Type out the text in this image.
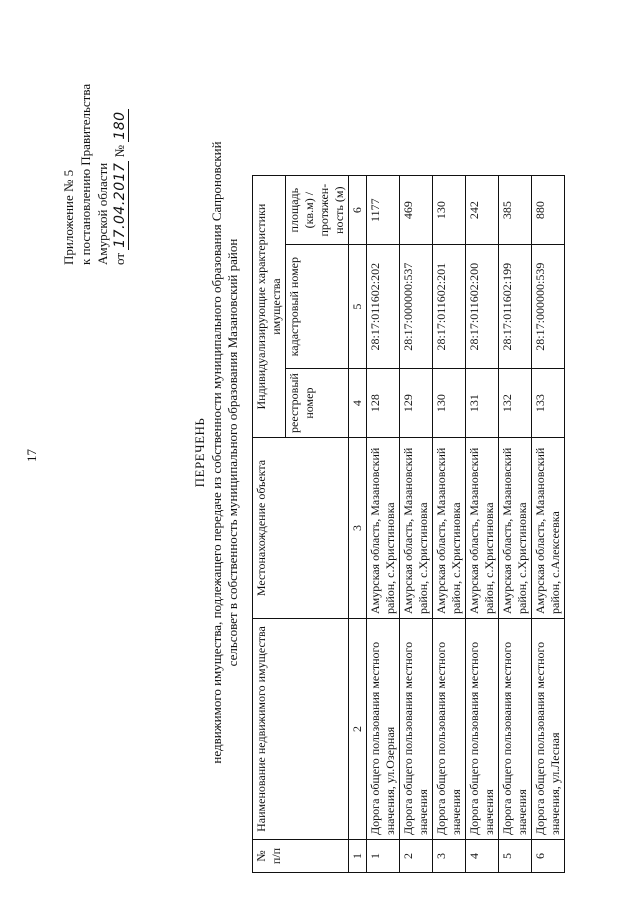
17
Приложение № 5 к постановлению Правительства Амурской области от 17.04.2017 № 180
ПЕРЕЧЕНЬ недвижимого имущества, подлежащего передаче из собственности муниципального образования Сапроновский сельсовет в собственность муниципального образования Мазановский район
№ п/п	Наименование недвижимого имущества	Местонахождение объекта	Индивидуализирующие характеристики имущества		
			реестровый номер	кадастровый номер	площадь (кв.м) / протяжен-ность (м)
1	2	3	4	5	6
1	Дорога общего пользования местного значения, ул.Озерная	Амурская область, Мазановский район, с.Христиновка	128	28:17:011602:202	1177
2	Дорога общего пользования местного значения	Амурская область, Мазановский район, с.Христиновка	129	28:17:000000:537	469
3	Дорога общего пользования местного значения	Амурская область, Мазановский район, с.Христиновка	130	28:17:011602:201	130
4	Дорога общего пользования местного значения	Амурская область, Мазановский район, с.Христиновка	131	28:17:011602:200	242
5	Дорога общего пользования местного значения	Амурская область, Мазановский район, с.Христиновка	132	28:17:011602:199	385
6	Дорога общего пользования местного значения, ул.Лесная	Амурская область, Мазановский район, с.Алексеевка	133	28:17:000000:539	880
